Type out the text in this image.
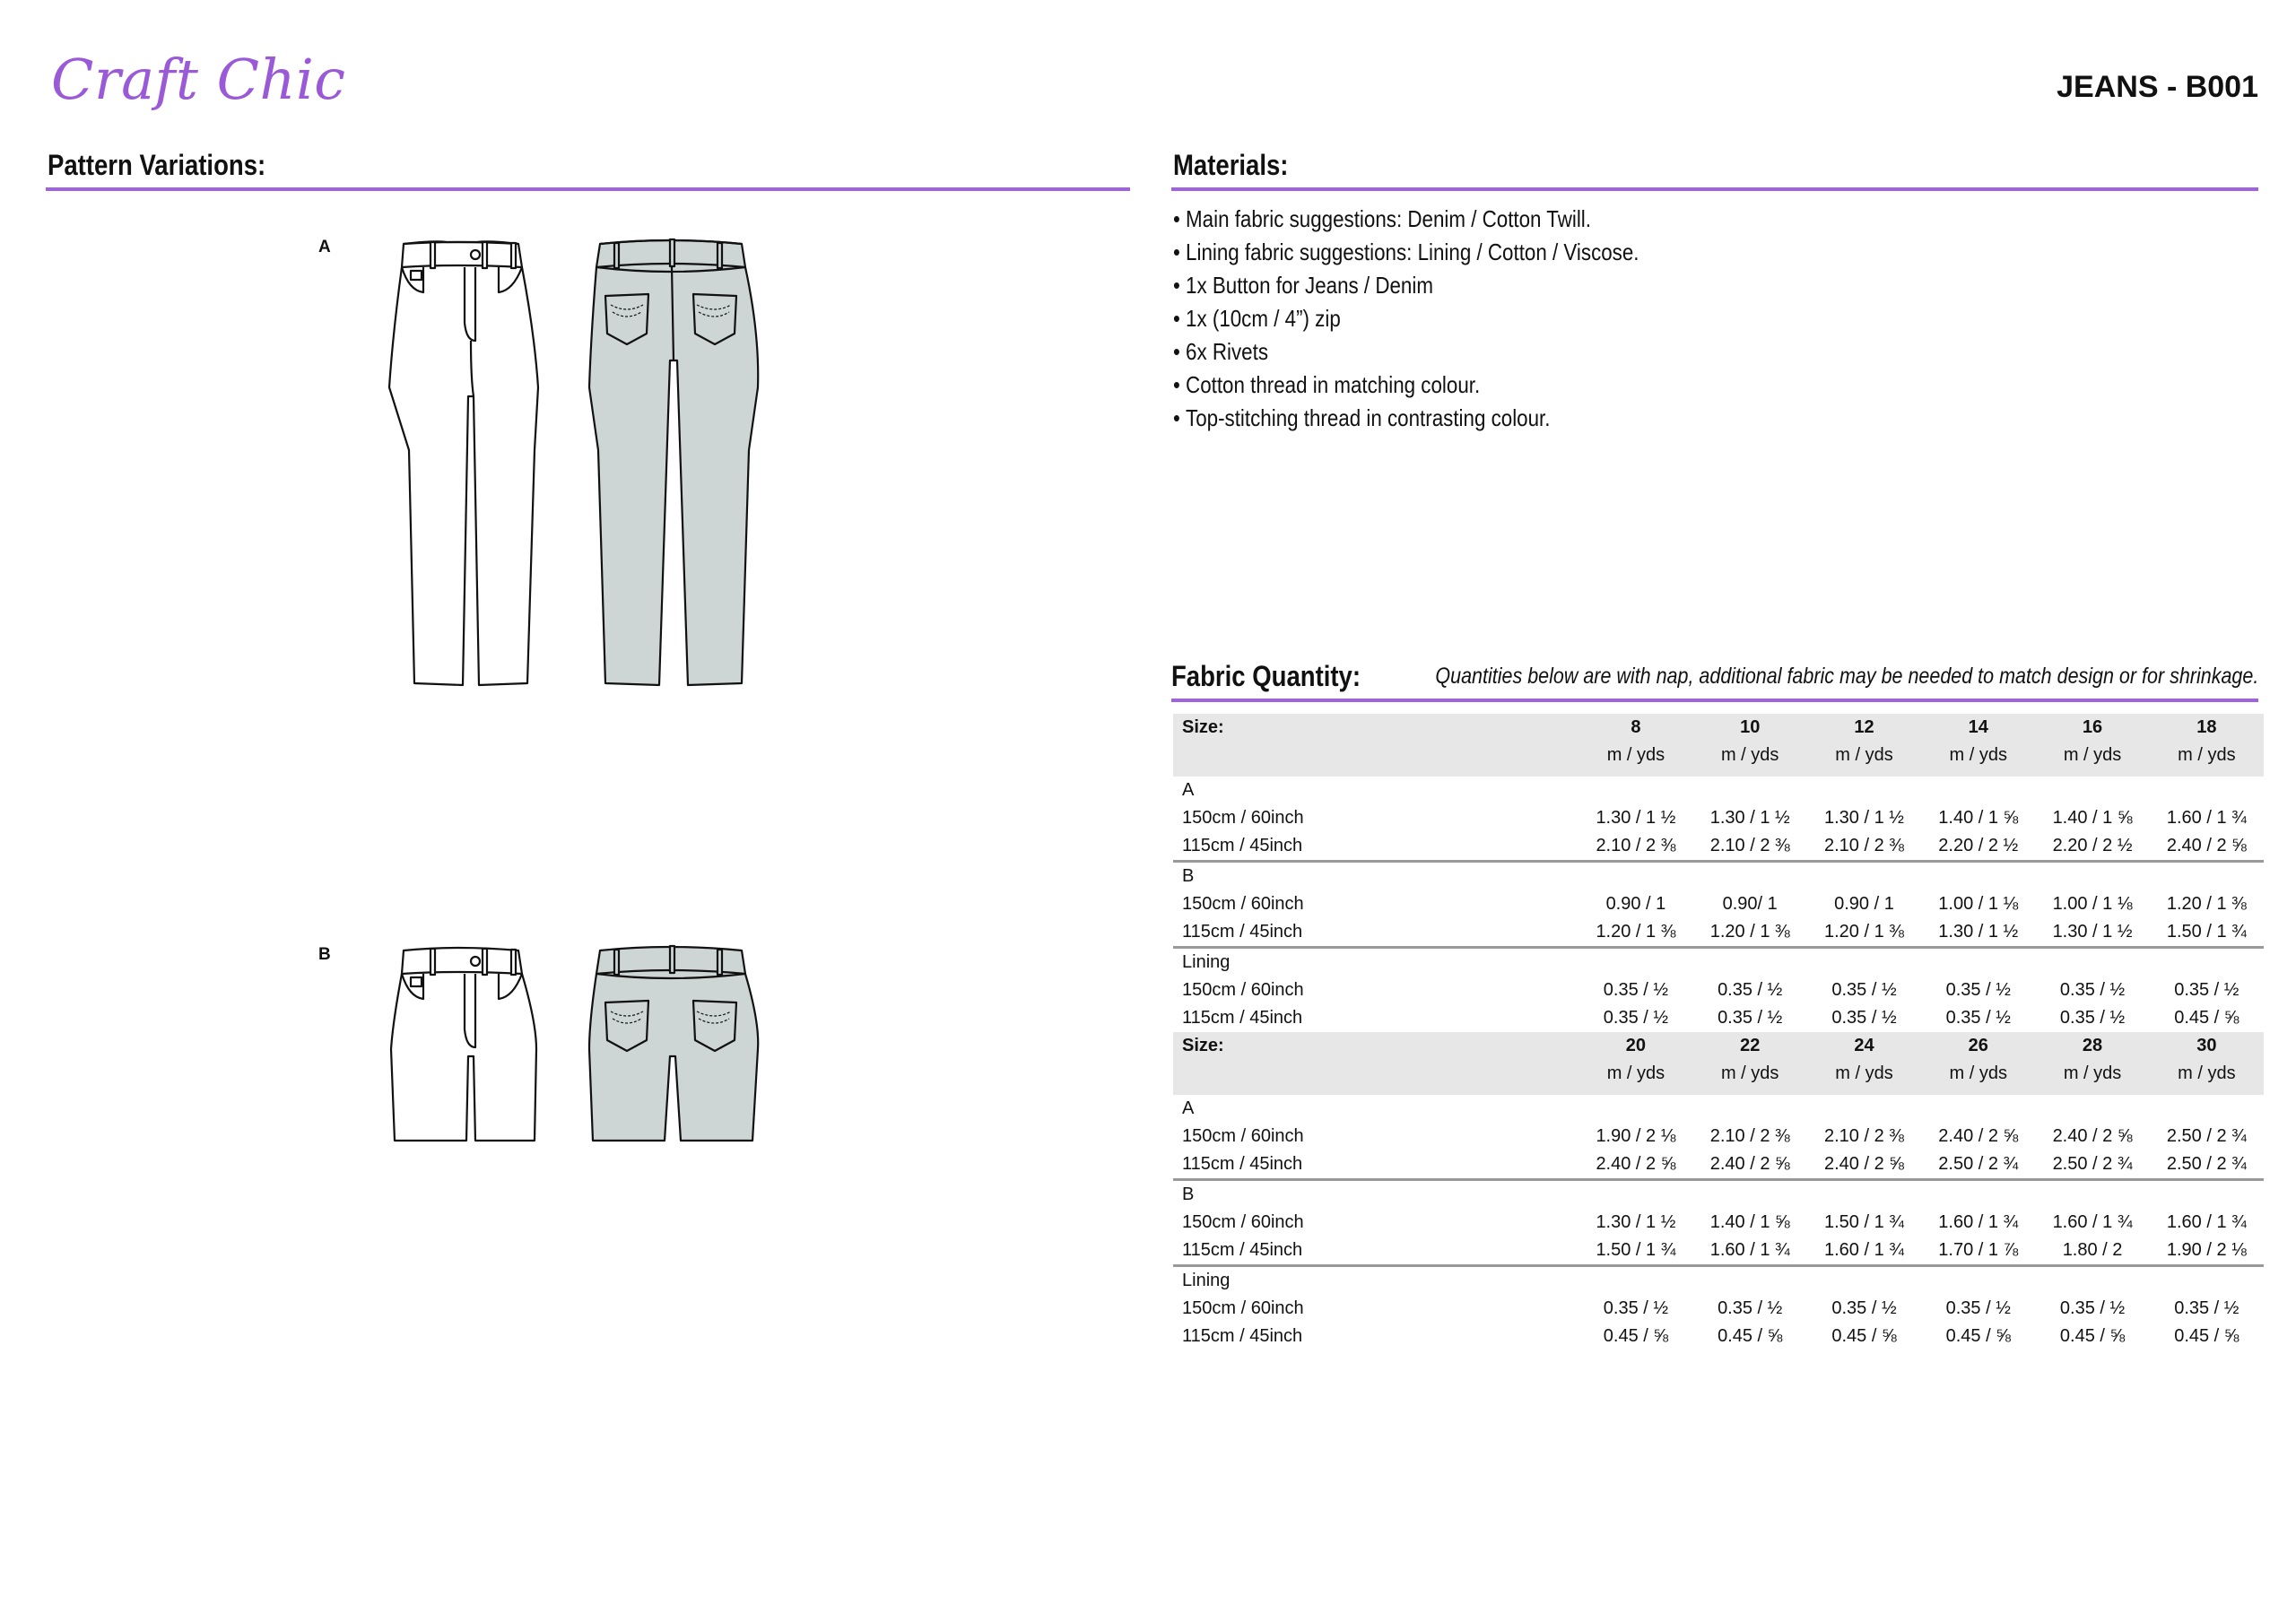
Craft Chic	JEANS - B001
Pattern Variations:
A
B
Materials:
• Main fabric suggestions: Denim / Cotton Twill.
• Lining fabric suggestions: Lining / Cotton / Viscose.
• 1x Button for Jeans / Denim
• 1x (10cm / 4”) zip
• 6x Rivets
• Cotton thread in matching colour.
• Top-stitching thread in contrasting colour.
Fabric Quantity:	Quantities below are with nap, additional fabric may be needed to match design or for shrinkage.
Size:	8	10	12	14	16	18
	m / yds	m / yds	m / yds	m / yds	m / yds	m / yds

A						
150cm / 60inch	1.30 / 1 ½	1.30 / 1 ½	1.30 / 1 ½	1.40 / 1 ⅝	1.40 / 1 ⅝	1.60 / 1 ¾
115cm / 45inch	2.10 / 2 ⅜	2.10 / 2 ⅜	2.10 / 2 ⅜	2.20 / 2 ½	2.20 / 2 ½	2.40 / 2 ⅝
B						
150cm / 60inch	0.90 / 1	0.90/ 1	0.90 / 1	1.00 / 1 ⅛	1.00 / 1 ⅛	1.20 / 1 ⅜
115cm / 45inch	1.20 / 1 ⅜	1.20 / 1 ⅜	1.20 / 1 ⅜	1.30 / 1 ½	1.30 / 1 ½	1.50 / 1 ¾
Lining						
150cm / 60inch	0.35 / ½	0.35 / ½	0.35 / ½	0.35 / ½	0.35 / ½	0.35 / ½
115cm / 45inch	0.35 / ½	0.35 / ½	0.35 / ½	0.35 / ½	0.35 / ½	0.45 / ⅝
Size:	20	22	24	26	28	30
	m / yds	m / yds	m / yds	m / yds	m / yds	m / yds

A						
150cm / 60inch	1.90 / 2 ⅛	2.10 / 2 ⅜	2.10 / 2 ⅜	2.40 / 2 ⅝	2.40 / 2 ⅝	2.50 / 2 ¾
115cm / 45inch	2.40 / 2 ⅝	2.40 / 2 ⅝	2.40 / 2 ⅝	2.50 / 2 ¾	2.50 / 2 ¾	2.50 / 2 ¾
B						
150cm / 60inch	1.30 / 1 ½	1.40 / 1 ⅝	1.50 / 1 ¾	1.60 / 1 ¾	1.60 / 1 ¾	1.60 / 1 ¾
115cm / 45inch	1.50 / 1 ¾	1.60 / 1 ¾	1.60 / 1 ¾	1.70 / 1 ⅞	1.80 / 2	1.90 / 2 ⅛
Lining						
150cm / 60inch	0.35 / ½	0.35 / ½	0.35 / ½	0.35 / ½	0.35 / ½	0.35 / ½
115cm / 45inch	0.45 / ⅝	0.45 / ⅝	0.45 / ⅝	0.45 / ⅝	0.45 / ⅝	0.45 / ⅝
